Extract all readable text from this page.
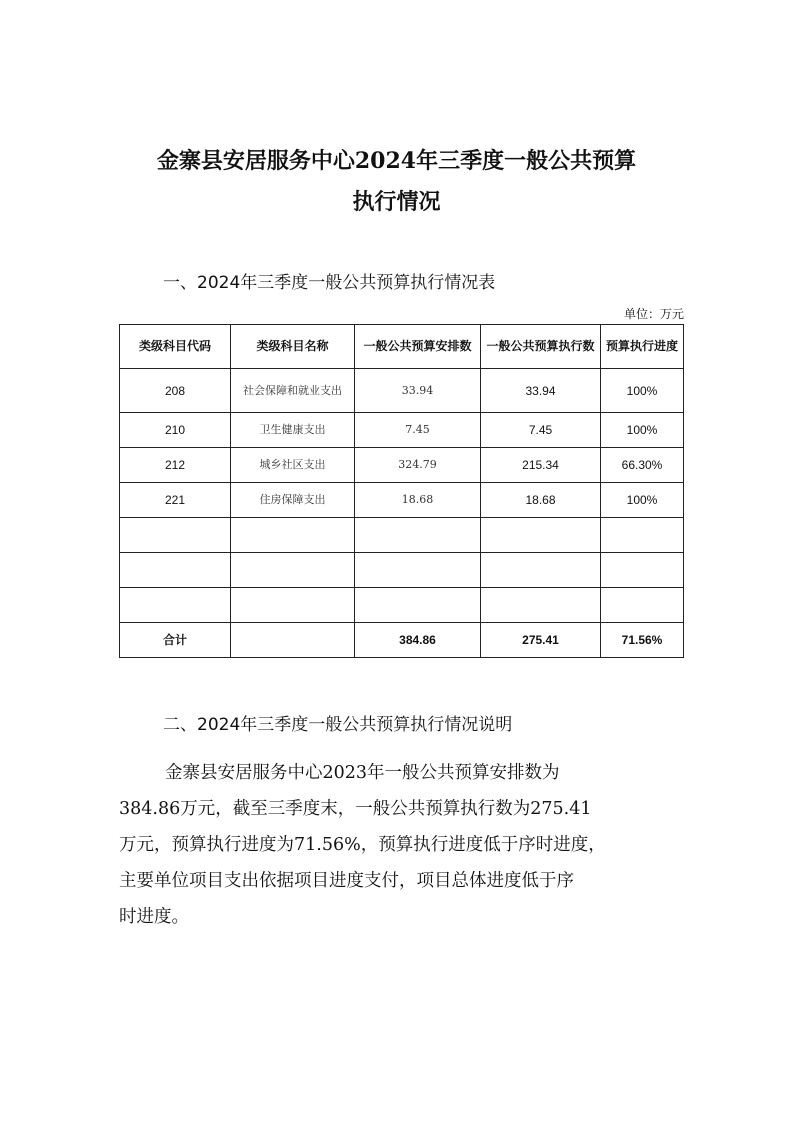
金寨县安居服务中心2024年三季度一般公共预算
执行情况
一、2024年三季度一般公共预算执行情况表
单位：万元
类级科目代码	类级科目名称	一般公共预算安排数	一般公共预算执行数	预算执行进度
208	社会保障和就业支出	33.94	33.94	100%
210	卫生健康支出	7.45	7.45	100%
212	城乡社区支出	324.79	215.34	66.30%
221	住房保障支出	18.68	18.68	100%

合计		384.86	275.41	71.56%
二、2024年三季度一般公共预算执行情况说明
金寨县安居服务中心2023年一般公共预算安排数为
384.86万元，截至三季度末，一般公共预算执行数为275.41
万元，预算执行进度为71.56%，预算执行进度低于序时进度，
主要单位项目支出依据项目进度支付，项目总体进度低于序
时进度。
